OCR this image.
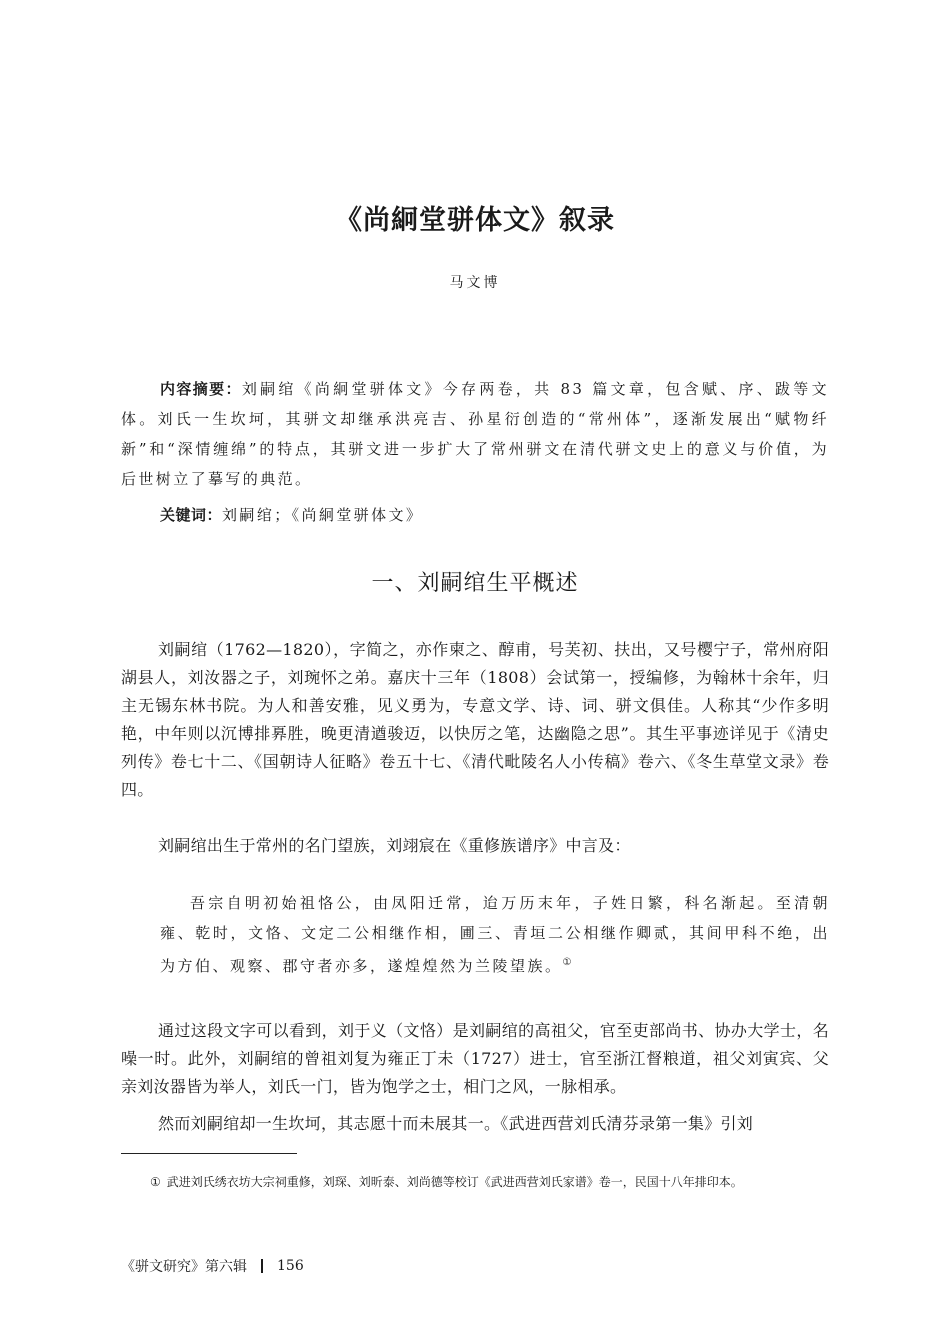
《尚絅堂骈体文》叙录
马文博

内容摘要：刘嗣绾《尚絅堂骈体文》今存两卷，共 83 篇文章，包含赋、序、跋等文体。刘氏一生坎坷，其骈文却继承洪亮吉、孙星衍创造的“常州体”，逐渐发展出“赋物纤新”和“深情缠绵”的特点，其骈文进一步扩大了常州骈文在清代骈文史上的意义与价值，为后世树立了摹写的典范。

关键词：刘嗣绾；《尚絅堂骈体文》

一、刘嗣绾生平概述

刘嗣绾（1762—1820），字简之，亦作柬之、醇甫，号芙初、扶出，又号樱宁子，常州府阳湖县人，刘汝器之子，刘琬怀之弟。嘉庆十三年（1808）会试第一，授编修，为翰林十余年，归主无锡东林书院。为人和善安雅，见义勇为，专意文学、诗、词、骈文俱佳。人称其“少作多明艳，中年则以沉博排奡胜，晚更清遒骏迈，以快厉之笔，达幽隐之思”。其生平事迹详见于《清史列传》卷七十二、《国朝诗人征略》卷五十七、《清代毗陵名人小传稿》卷六、《冬生草堂文录》卷四。

刘嗣绾出生于常州的名门望族，刘翊宸在《重修族谱序》中言及：

吾宗自明初始祖恪公，由凤阳迁常，迨万历末年，子姓日繁，科名渐起。至清朝雍、乾时，文恪、文定二公相继作相，圃三、青垣二公相继作卿贰，其间甲科不绝，出为方伯、观察、郡守者亦多，遂煌煌然为兰陵望族。①

通过这段文字可以看到，刘于义（文恪）是刘嗣绾的高祖父，官至吏部尚书、协办大学士，名噪一时。此外，刘嗣绾的曾祖刘复为雍正丁未（1727）进士，官至浙江督粮道，祖父刘寅宾、父亲刘汝器皆为举人，刘氏一门，皆为饱学之士，相门之风，一脉相承。

然而刘嗣绾却一生坎坷，其志愿十而未展其一。《武进西营刘氏清芬录第一集》引刘

① 武进刘氏绣衣坊大宗祠重修，刘琛、刘昕泰、刘尚德等校订《武进西营刘氏家谱》卷一，民国十八年排印本。

《骈文研究》第六辑 156
